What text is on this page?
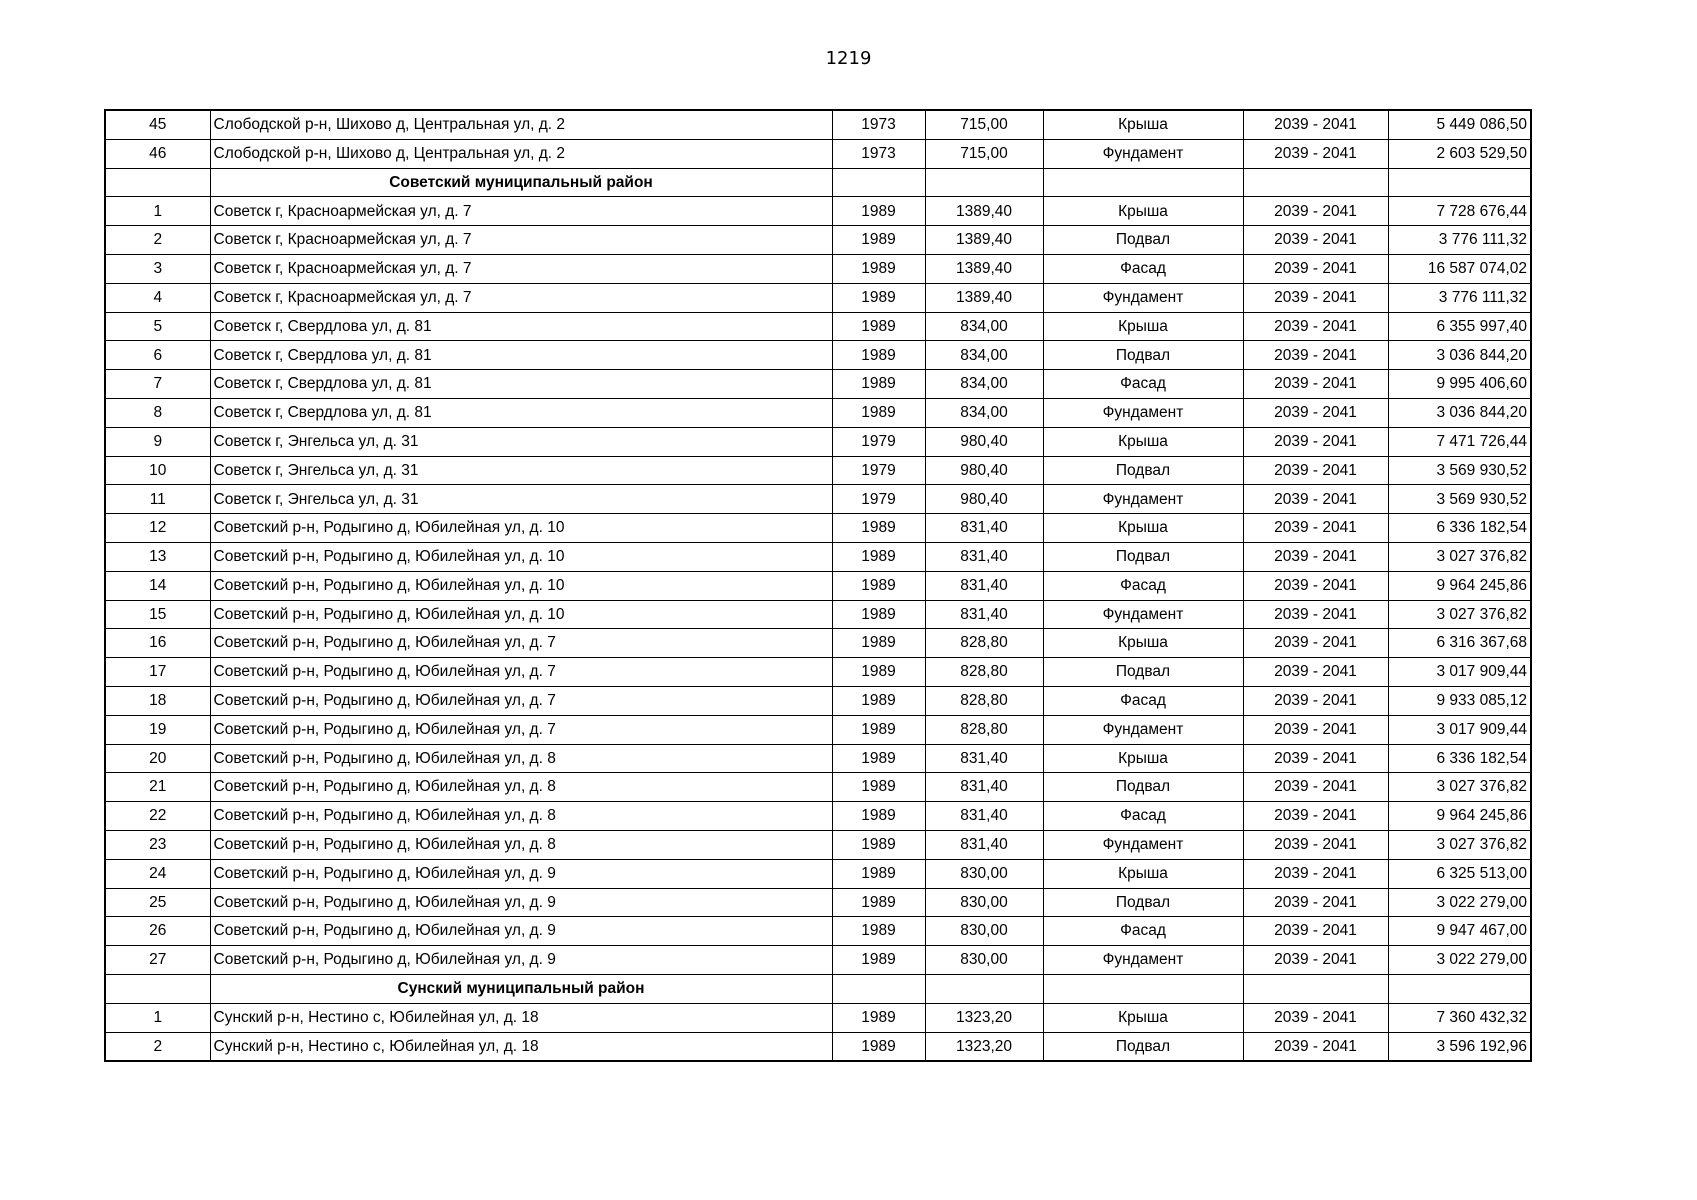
1219
45	Слободской р-н, Шихово д, Центральная ул, д. 2	1973	715,00	Крыша	2039 - 2041	5 449 086,50
46	Слободской р-н, Шихово д, Центральная ул, д. 2	1973	715,00	Фундамент	2039 - 2041	2 603 529,50
	Советский муниципальный район					
1	Советск г, Красноармейская ул, д. 7	1989	1389,40	Крыша	2039 - 2041	7 728 676,44
2	Советск г, Красноармейская ул, д. 7	1989	1389,40	Подвал	2039 - 2041	3 776 111,32
3	Советск г, Красноармейская ул, д. 7	1989	1389,40	Фасад	2039 - 2041	16 587 074,02
4	Советск г, Красноармейская ул, д. 7	1989	1389,40	Фундамент	2039 - 2041	3 776 111,32
5	Советск г, Свердлова ул, д. 81	1989	834,00	Крыша	2039 - 2041	6 355 997,40
6	Советск г, Свердлова ул, д. 81	1989	834,00	Подвал	2039 - 2041	3 036 844,20
7	Советск г, Свердлова ул, д. 81	1989	834,00	Фасад	2039 - 2041	9 995 406,60
8	Советск г, Свердлова ул, д. 81	1989	834,00	Фундамент	2039 - 2041	3 036 844,20
9	Советск г, Энгельса ул, д. 31	1979	980,40	Крыша	2039 - 2041	7 471 726,44
10	Советск г, Энгельса ул, д. 31	1979	980,40	Подвал	2039 - 2041	3 569 930,52
11	Советск г, Энгельса ул, д. 31	1979	980,40	Фундамент	2039 - 2041	3 569 930,52
12	Советский р-н, Родыгино д, Юбилейная ул, д. 10	1989	831,40	Крыша	2039 - 2041	6 336 182,54
13	Советский р-н, Родыгино д, Юбилейная ул, д. 10	1989	831,40	Подвал	2039 - 2041	3 027 376,82
14	Советский р-н, Родыгино д, Юбилейная ул, д. 10	1989	831,40	Фасад	2039 - 2041	9 964 245,86
15	Советский р-н, Родыгино д, Юбилейная ул, д. 10	1989	831,40	Фундамент	2039 - 2041	3 027 376,82
16	Советский р-н, Родыгино д, Юбилейная ул, д. 7	1989	828,80	Крыша	2039 - 2041	6 316 367,68
17	Советский р-н, Родыгино д, Юбилейная ул, д. 7	1989	828,80	Подвал	2039 - 2041	3 017 909,44
18	Советский р-н, Родыгино д, Юбилейная ул, д. 7	1989	828,80	Фасад	2039 - 2041	9 933 085,12
19	Советский р-н, Родыгино д, Юбилейная ул, д. 7	1989	828,80	Фундамент	2039 - 2041	3 017 909,44
20	Советский р-н, Родыгино д, Юбилейная ул, д. 8	1989	831,40	Крыша	2039 - 2041	6 336 182,54
21	Советский р-н, Родыгино д, Юбилейная ул, д. 8	1989	831,40	Подвал	2039 - 2041	3 027 376,82
22	Советский р-н, Родыгино д, Юбилейная ул, д. 8	1989	831,40	Фасад	2039 - 2041	9 964 245,86
23	Советский р-н, Родыгино д, Юбилейная ул, д. 8	1989	831,40	Фундамент	2039 - 2041	3 027 376,82
24	Советский р-н, Родыгино д, Юбилейная ул, д. 9	1989	830,00	Крыша	2039 - 2041	6 325 513,00
25	Советский р-н, Родыгино д, Юбилейная ул, д. 9	1989	830,00	Подвал	2039 - 2041	3 022 279,00
26	Советский р-н, Родыгино д, Юбилейная ул, д. 9	1989	830,00	Фасад	2039 - 2041	9 947 467,00
27	Советский р-н, Родыгино д, Юбилейная ул, д. 9	1989	830,00	Фундамент	2039 - 2041	3 022 279,00
	Сунский муниципальный район					
1	Сунский р-н, Нестино с, Юбилейная ул, д. 18	1989	1323,20	Крыша	2039 - 2041	7 360 432,32
2	Сунский р-н, Нестино с, Юбилейная ул, д. 18	1989	1323,20	Подвал	2039 - 2041	3 596 192,96
